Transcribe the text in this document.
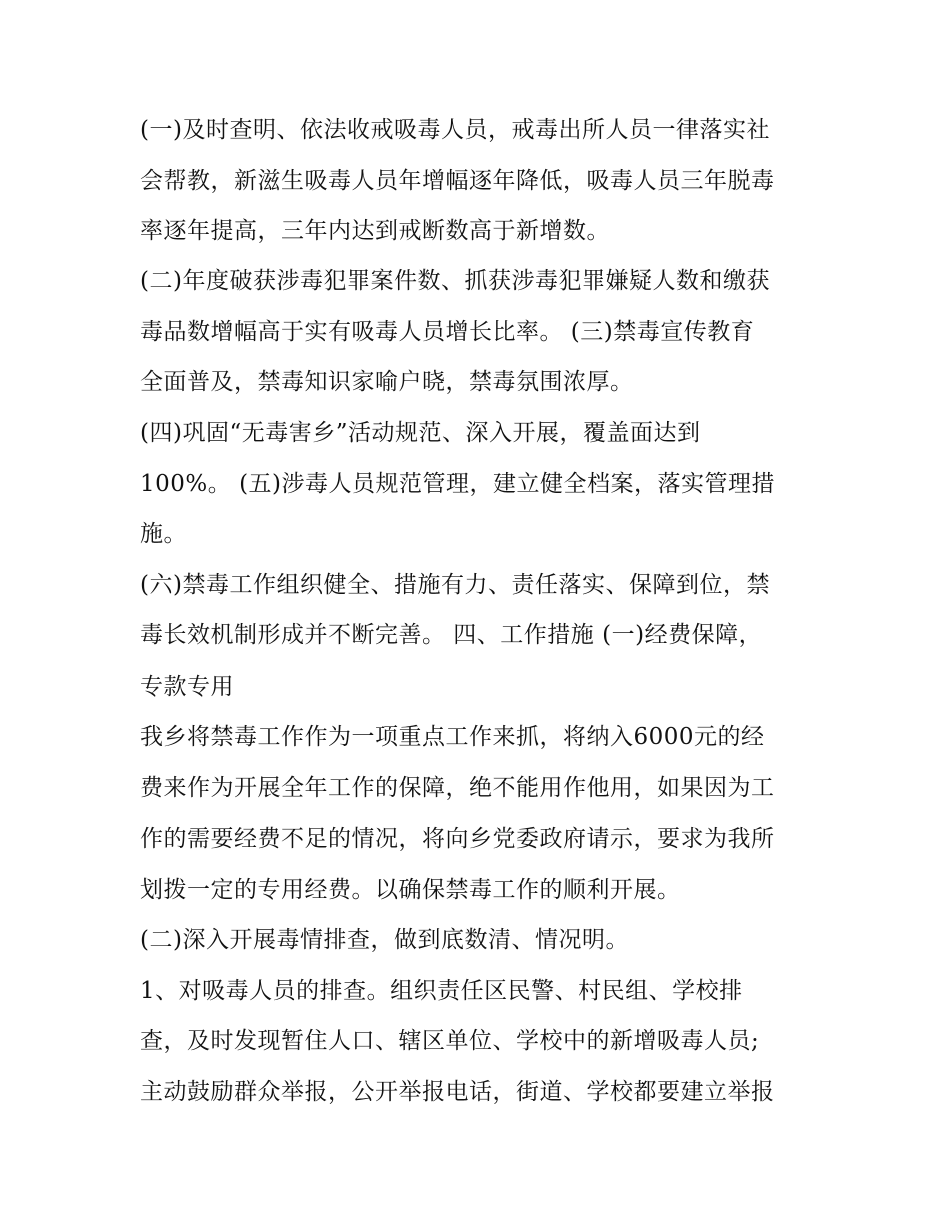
(一)及时查明、依法收戒吸毒人员，戒毒出所人员一律落实社

会帮教，新滋生吸毒人员年增幅逐年降低，吸毒人员三年脱毒

率逐年提高，三年内达到戒断数高于新增数。

(二)年度破获涉毒犯罪案件数、抓获涉毒犯罪嫌疑人数和缴获

毒品数增幅高于实有吸毒人员增长比率。 (三)禁毒宣传教育

全面普及，禁毒知识家喻户晓，禁毒氛围浓厚。

(四)巩固“无毒害乡”活动规范、深入开展，覆盖面达到

100%。 (五)涉毒人员规范管理，建立健全档案，落实管理措

施。

(六)禁毒工作组织健全、措施有力、责任落实、保障到位，禁

毒长效机制形成并不断完善。 四、工作措施 (一)经费保障，

专款专用

我乡将禁毒工作作为一项重点工作来抓，将纳入6000元的经

费来作为开展全年工作的保障，绝不能用作他用，如果因为工

作的需要经费不足的情况，将向乡党委政府请示，要求为我所

划拨一定的专用经费。以确保禁毒工作的顺利开展。

(二)深入开展毒情排查，做到底数清、情况明。

1、对吸毒人员的排查。组织责任区民警、村民组、学校排

查，及时发现暂住人口、辖区单位、学校中的新增吸毒人员;

主动鼓励群众举报，公开举报电话，街道、学校都要建立举报
